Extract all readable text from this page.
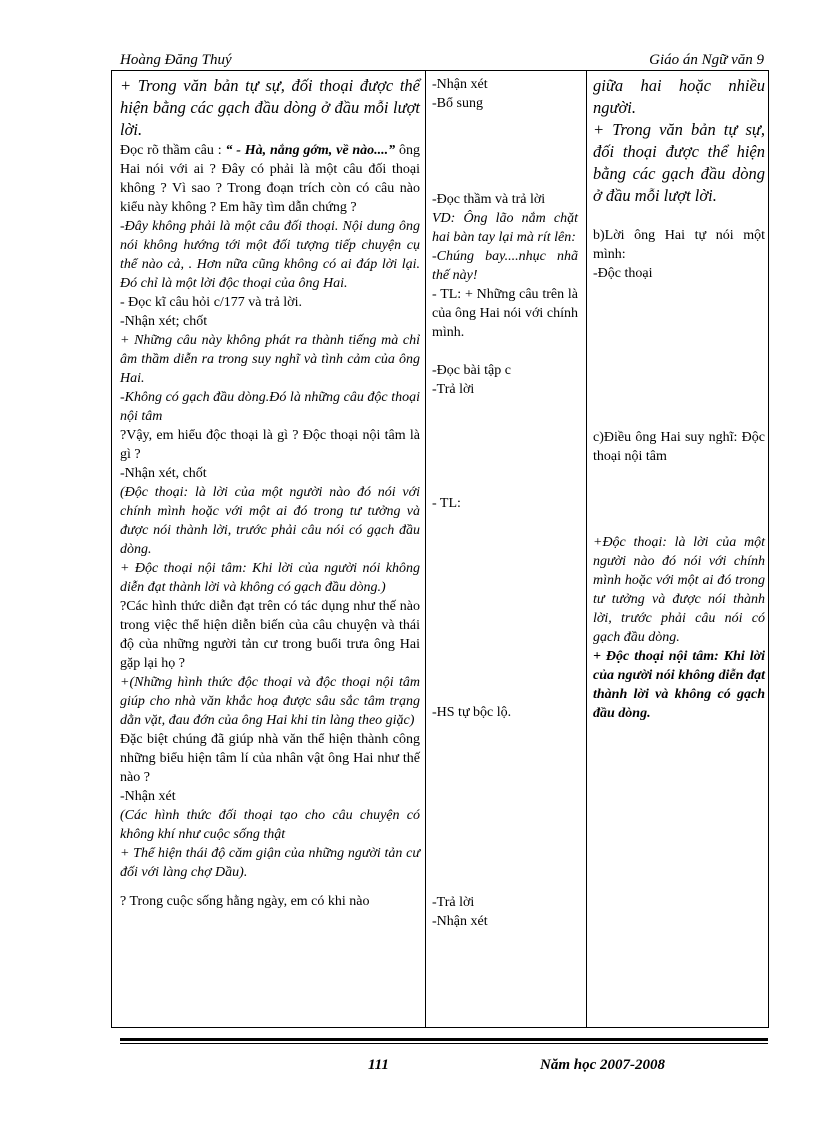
Hoàng Đăng Thuý	Giáo án Ngữ văn 9

+ Trong văn bản tự sự, đối thoại được thể hiện bằng các gạch đầu dòng ở đầu mỗi lượt lời.

Đọc rõ thầm câu : “ - Hà, nắng gớm, về nào....” ông Hai nói với ai ? Đây có phải là một câu đối thoại không ? Vì sao ? Trong đoạn trích còn có câu nào kiểu này không ? Em hãy tìm dẫn chứng ?

-Đây không phải là một câu đối thoại. Nội dung ông nói không hướng tới một đối tượng tiếp chuyện cụ thể nào cả, . Hơn nữa cũng không có ai đáp lời lại. Đó chỉ là một lời độc thoại của ông Hai.

- Đọc kĩ câu hỏi c/177 và trả lời.

-Nhận xét; chốt

+ Những câu này không phát ra thành tiếng mà chỉ âm thầm diễn ra trong suy nghĩ và tình cảm của ông Hai.

-Không có gạch đầu dòng.Đó là những câu độc thoại nội tâm

?Vậy, em hiểu độc thoại là gì ? Độc thoại nội tâm là gì ?

-Nhận xét, chốt

(Độc thoại: là lời của một người nào đó nói với chính mình hoặc với một ai đó trong tư tưởng và được nói thành lời, trước phải câu nói có gạch đầu dòng.

+ Độc thoại nội tâm: Khi lời của người nói không diễn đạt thành lời và không có gạch đầu dòng.)

?Các hình thức diễn đạt trên có tác dụng như thế nào trong việc thể hiện diễn biến của câu chuyện và thái độ của những người tản cư trong buổi trưa ông Hai gặp lại họ ?

+(Những hình thức độc thoại và độc thoại nội tâm giúp cho nhà văn khắc hoạ được sâu sắc tâm trạng dằn vặt, đau đớn của ông Hai khi tin làng theo giặc)

Đặc biệt chúng đã giúp nhà văn thể hiện thành công những biểu hiện tâm lí của nhân vật ông Hai như thế nào ?

-Nhận xét

(Các hình thức đối thoại tạo cho câu chuyện có không khí như cuộc sống thật

+ Thể hiện thái độ căm giận của những người tản cư đối với làng chợ Dầu).

? Trong cuộc sống hằng ngày, em có khi nào

-Nhận xét

-Bổ sung

-Đọc thầm và trả lời

VD: Ông lão nắm chặt hai bàn tay lại mà rít lên:

-Chúng bay....nhục nhã thế này!

- TL: + Những câu trên là của ông Hai nói với chính mình.

-Đọc bài tập c

-Trả lời

- TL:

-HS tự bộc lộ.

-Trả lời

-Nhận xét

giữa hai hoặc nhiều người.

+ Trong văn bản tự sự, đối thoại được thể hiện bằng các gạch đầu dòng ở đầu mỗi lượt lời.

b)Lời ông Hai tự nói một mình:

-Độc thoại

c)Điều ông Hai suy nghĩ: Độc thoại nội tâm

+Độc thoại: là lời của một người nào đó nói với chính mình hoặc với một ai đó trong tư tưởng và được nói thành lời, trước phải câu nói có gạch đầu dòng.

+ Độc thoại nội tâm: Khi lời của người nói không diễn đạt thành lời và không có gạch đầu dòng.

111	Năm học 2007-2008
